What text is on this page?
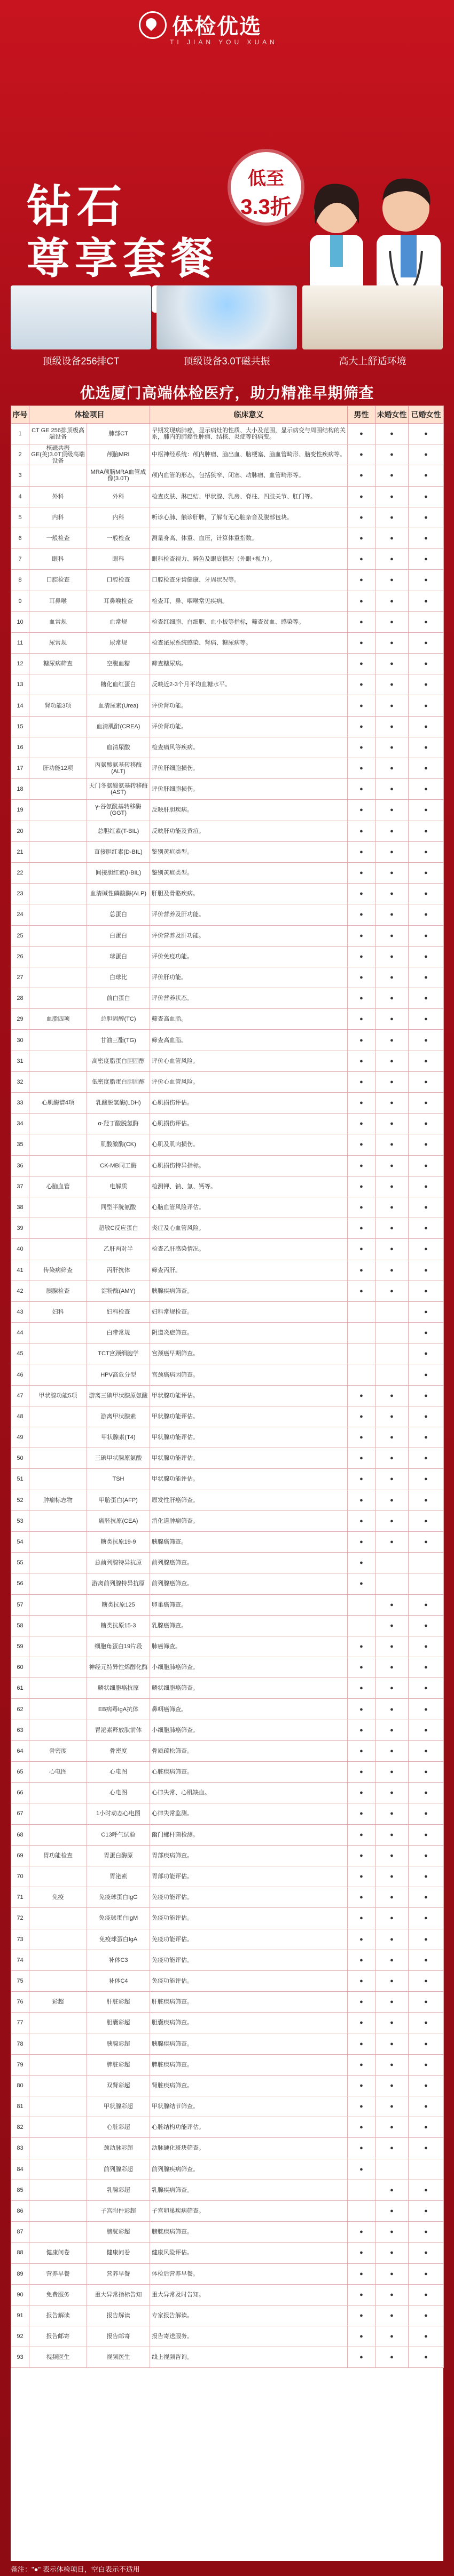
体检优选
TI JIAN YOU XUAN
钻石
尊享套餐
低至
3.3折
顶级设备256排CT	顶级设备3.0T磁共振	高大上舒适环境
优选厦门高端体检医疗，助力精准早期筛查
序号	体检项目		临床意义	男性	未婚女性	已婚女性
1	CT GE 256排顶级高端设备	肺部CT	早期发现病肺癌，显示病灶的性质、大小及范围，显示病变与周围结构的关系，肺内的肺癌性肿瘤、结核、炎症等的病变。	●	●	●
2	核磁共振 GE(美)3.0T顶级高端设备	颅脑MRI	中枢神经系统：颅内肿瘤、脑出血、脑梗塞、脑血管畸形、脑变性疾病等。	●	●	●
3		MRA颅脑MRA血管成像(3.0T)	颅内血管的形态，包括狭窄、闭塞、动脉瘤、血管畸形等。	●	●	●
4	外科	外科	检查皮肤、淋巴结、甲状腺、乳房、脊柱、四肢关节、肛门等。	●	●	●
5	内科	内科	听诊心肺、触诊肝脾，了解有无心脏杂音及腹部包块。	●	●	●
6	一般检查	一般检查	测量身高、体重、血压，计算体重指数。	●	●	●
7	眼科	眼科	眼科检查视力、辨色及眼底情况（外眼+视力）。	●	●	●
8	口腔检查	口腔检查	口腔检查牙齿健康、牙周状况等。	●	●	●
9	耳鼻喉	耳鼻喉检查	检查耳、鼻、咽喉常见疾病。	●	●	●
10	血常规	血常规	检查红细胞、白细胞、血小板等指标，筛查贫血、感染等。	●	●	●
11	尿常规	尿常规	检查泌尿系统感染、肾病、糖尿病等。	●	●	●
12	糖尿病筛查	空腹血糖	筛查糖尿病。	●	●	●
13		糖化血红蛋白	反映近2-3个月平均血糖水平。	●	●	●
14	肾功能3项	血清尿素(Urea)	评价肾功能。	●	●	●
15		血清肌酐(CREA)	评价肾功能。	●	●	●
16		血清尿酸	检查痛风等疾病。	●	●	●
17	肝功能12项	丙氨酸氨基转移酶(ALT)	评价肝细胞损伤。	●	●	●
18		天门冬氨酸氨基转移酶(AST)	评价肝细胞损伤。	●	●	●
19		γ-谷氨酰基转移酶(GGT)	反映肝胆疾病。	●	●	●
20		总胆红素(T-BIL)	反映肝功能及黄疸。	●	●	●
21		直接胆红素(D-BIL)	鉴别黄疸类型。	●	●	●
22		间接胆红素(I-BIL)	鉴别黄疸类型。	●	●	●
23		血清碱性磷酸酶(ALP)	肝胆及骨骼疾病。	●	●	●
24		总蛋白	评价营养及肝功能。	●	●	●
25		白蛋白	评价营养及肝功能。	●	●	●
26		球蛋白	评价免疫功能。	●	●	●
27		白球比	评价肝功能。	●	●	●
28		前白蛋白	评价营养状态。	●	●	●
29	血脂四项	总胆固醇(TC)	筛查高血脂。	●	●	●
30		甘油三酯(TG)	筛查高血脂。	●	●	●
31		高密度脂蛋白胆固醇	评价心血管风险。	●	●	●
32		低密度脂蛋白胆固醇	评价心血管风险。	●	●	●
33	心肌酶谱4项	乳酸脱氢酶(LDH)	心肌损伤评估。	●	●	●
34		α-羟丁酸脱氢酶	心肌损伤评估。	●	●	●
35		肌酸激酶(CK)	心肌及肌肉损伤。	●	●	●
36		CK-MB同工酶	心肌损伤特异指标。	●	●	●
37	心脑血管	电解质	检测钾、钠、氯、钙等。	●	●	●
38		同型半胱氨酸	心脑血管风险评估。	●	●	●
39		超敏C反应蛋白	炎症及心血管风险。	●	●	●
40		乙肝两对半	检查乙肝感染情况。	●	●	●
41	传染病筛查	丙肝抗体	筛查丙肝。	●	●	●
42	胰腺检查	淀粉酶(AMY)	胰腺疾病筛查。	●	●	●
43	妇科	妇科检查	妇科常规检查。			●
44		白带常规	阴道炎症筛查。			●
45		TCT宫颈细胞学	宫颈癌早期筛查。			●
46		HPV高危分型	宫颈癌病因筛查。			●
47	甲状腺功能5项	游离三碘甲状腺原氨酸	甲状腺功能评估。	●	●	●
48		游离甲状腺素	甲状腺功能评估。	●	●	●
49		甲状腺素(T4)	甲状腺功能评估。	●	●	●
50		三碘甲状腺原氨酸	甲状腺功能评估。	●	●	●
51		TSH	甲状腺功能评估。	●	●	●
52	肿瘤标志物	甲胎蛋白(AFP)	原发性肝癌筛查。	●	●	●
53		癌胚抗原(CEA)	消化道肿瘤筛查。	●	●	●
54		糖类抗原19-9	胰腺癌筛查。	●	●	●
55		总前列腺特异抗原	前列腺癌筛查。	●		
56		游离前列腺特异抗原	前列腺癌筛查。	●		
57		糖类抗原125	卵巢癌筛查。		●	●
58		糖类抗原15-3	乳腺癌筛查。		●	●
59		细胞角蛋白19片段	肺癌筛查。	●	●	●
60		神经元特异性烯醇化酶	小细胞肺癌筛查。	●	●	●
61		鳞状细胞癌抗原	鳞状细胞癌筛查。	●	●	●
62		EB病毒IgA抗体	鼻咽癌筛查。	●	●	●
63		胃泌素释放肽前体	小细胞肺癌筛查。	●	●	●
64	骨密度	骨密度	骨质疏松筛查。	●	●	●
65	心电图	心电图	心脏疾病筛查。	●	●	●
66		心电图	心律失常、心肌缺血。	●	●	●
67		1小时动态心电图	心律失常监测。	●	●	●
68		C13呼气试验	幽门螺杆菌检测。	●	●	●
69	胃功能检查	胃蛋白酶原	胃部疾病筛查。	●	●	●
70		胃泌素	胃部功能评估。	●	●	●
71	免疫	免疫球蛋白IgG	免疫功能评估。	●	●	●
72		免疫球蛋白IgM	免疫功能评估。	●	●	●
73		免疫球蛋白IgA	免疫功能评估。	●	●	●
74		补体C3	免疫功能评估。	●	●	●
75		补体C4	免疫功能评估。	●	●	●
76	彩超	肝脏彩超	肝脏疾病筛查。	●	●	●
77		胆囊彩超	胆囊疾病筛查。	●	●	●
78		胰腺彩超	胰腺疾病筛查。	●	●	●
79		脾脏彩超	脾脏疾病筛查。	●	●	●
80		双肾彩超	肾脏疾病筛查。	●	●	●
81		甲状腺彩超	甲状腺结节筛查。	●	●	●
82		心脏彩超	心脏结构功能评估。	●	●	●
83		颈动脉彩超	动脉硬化斑块筛查。	●	●	●
84		前列腺彩超	前列腺疾病筛查。	●		
85		乳腺彩超	乳腺疾病筛查。		●	●
86		子宫附件彩超	子宫卵巢疾病筛查。		●	●
87		膀胱彩超	膀胱疾病筛查。	●	●	●
88	健康问卷	健康问卷	健康风险评估。	●	●	●
89	营养早餐	营养早餐	体检后营养早餐。	●	●	●
90	免费服务	重大异常指标告知	重大异常及时告知。	●	●	●
91	报告解读	报告解读	专家报告解读。	●	●	●
92	报告邮寄	报告邮寄	报告寄送服务。	●	●	●
93	视频医生	视频医生	线上视频咨询。	●	●	●
备注："●" 表示体检项目，空白表示不适用
